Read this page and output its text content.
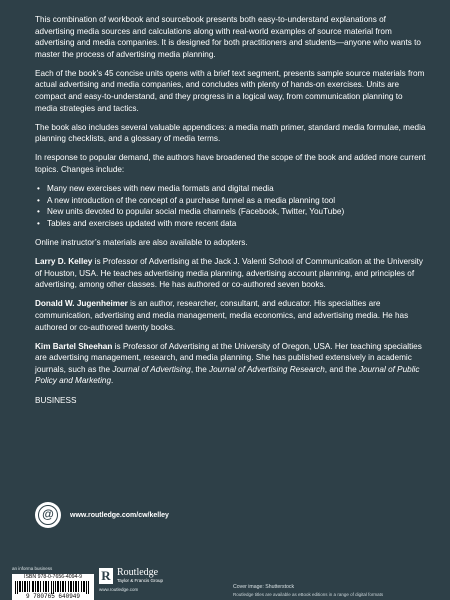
This combination of workbook and sourcebook presents both easy-to-understand explanations of advertising media sources and calculations along with real-world examples of source material from advertising and media companies. It is designed for both practitioners and students—anyone who wants to master the process of advertising media planning.

Each of the book’s 45 concise units opens with a brief text segment, presents sample source materials from actual advertising and media companies, and concludes with plenty of hands-on exercises. Units are compact and easy-to-understand, and they progress in a logical way, from communication planning to media strategies and tactics.

The book also includes several valuable appendices: a media math primer, standard media formulae, media planning checklists, and a glossary of media terms.

In response to popular demand, the authors have broadened the scope of the book and added more current topics. Changes include:

• Many new exercises with new media formats and digital media
• A new introduction of the concept of a purchase funnel as a media planning tool
• New units devoted to popular social media channels (Facebook, Twitter, YouTube)
• Tables and exercises updated with more recent data

Online instructor’s materials are also available to adopters.

Larry D. Kelley is Professor of Advertising at the Jack J. Valenti School of Communication at the University of Houston, USA. He teaches advertising media planning, advertising account planning, and principles of advertising, among other classes. He has authored or co-authored seven books.

Donald W. Jugenheimer is an author, researcher, consultant, and educator. His specialties are communication, advertising and media management, media economics, and advertising media. He has authored or co-authored twenty books.

Kim Bartel Sheehan is Professor of Advertising at the University of Oregon, USA. Her teaching specialties are advertising management, research, and media planning. She has published extensively in academic journals, such as the Journal of Advertising, the Journal of Advertising Research, and the Journal of Public Policy and Marketing.

BUSINESS

@	www.routledge.com/cw/kelley
an informa business
ISBN 978-0-7656-4094-9
9 780765 640949
R Routledge
Taylor & Francis Group
www.routledge.com	Cover image: Shutterstock
Routledge titles are available as eBook editions in a range of digital formats
